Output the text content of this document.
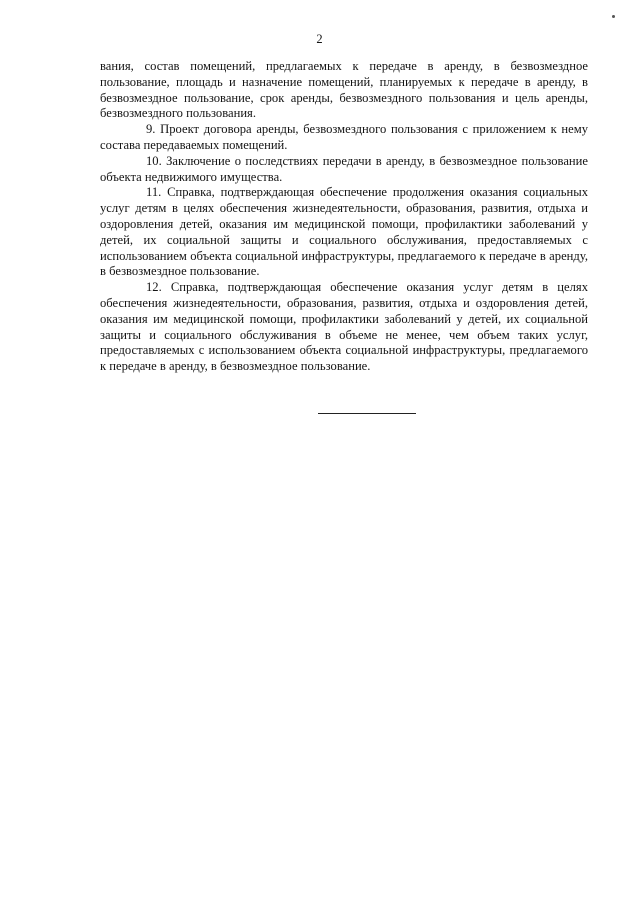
2

вания, состав помещений, предлагаемых к передаче в аренду, в безвозмездное пользование, площадь и назначение помещений, планируемых к передаче в аренду, в безвозмездное пользование, срок аренды, безвозмездного пользования и цель аренды, безвозмездного пользования.

9. Проект договора аренды, безвозмездного пользования с приложением к нему состава передаваемых помещений.

10. Заключение о последствиях передачи в аренду, в безвозмездное пользование объекта недвижимого имущества.

11. Справка, подтверждающая обеспечение продолжения оказания социальных услуг детям в целях обеспечения жизнедеятельности, образования, развития, отдыха и оздоровления детей, оказания им медицинской помощи, профилактики заболеваний у детей, их социальной защиты и социального обслуживания, предоставляемых с использованием объекта социальной инфраструктуры, предлагаемого к передаче в аренду, в безвозмездное пользование.

12. Справка, подтверждающая обеспечение оказания услуг детям в целях обеспечения жизнедеятельности, образования, развития, отдыха и оздоровления детей, оказания им медицинской помощи, профилактики заболеваний у детей, их социальной защиты и социального обслуживания в объеме не менее, чем объем таких услуг, предоставляемых с использованием объекта социальной инфраструктуры, предлагаемого к передаче в аренду, в безвозмездное пользование.
